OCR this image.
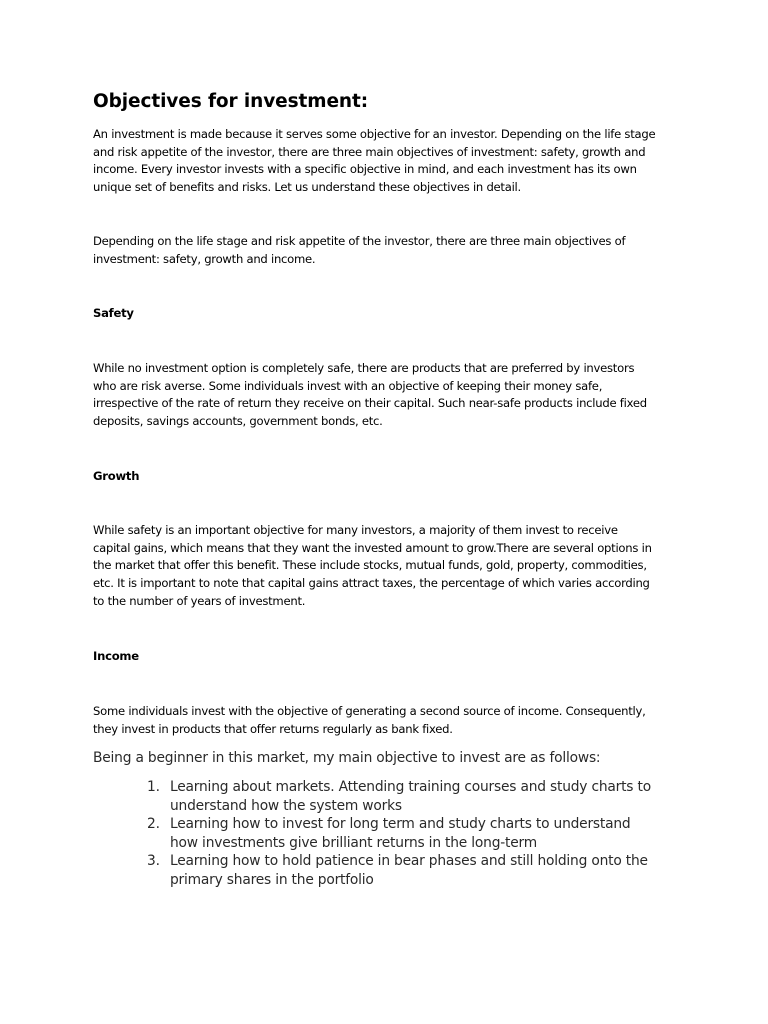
Objectives for investment:

An investment is made because it serves some objective for an investor. Depending on the life stage
and risk appetite of the investor, there are three main objectives of investment: safety, growth and
income. Every investor invests with a specific objective in mind, and each investment has its own
unique set of benefits and risks. Let us understand these objectives in detail.

Depending on the life stage and risk appetite of the investor, there are three main objectives of
investment: safety, growth and income.

Safety

While no investment option is completely safe, there are products that are preferred by investors
who are risk averse. Some individuals invest with an objective of keeping their money safe,
irrespective of the rate of return they receive on their capital. Such near-safe products include fixed
deposits, savings accounts, government bonds, etc.

Growth

While safety is an important objective for many investors, a majority of them invest to receive
capital gains, which means that they want the invested amount to grow.There are several options in
the market that offer this benefit. These include stocks, mutual funds, gold, property, commodities,
etc. It is important to note that capital gains attract taxes, the percentage of which varies according
to the number of years of investment.

Income

Some individuals invest with the objective of generating a second source of income. Consequently,
they invest in products that offer returns regularly as bank fixed.

Being a beginner in this market, my main objective to invest are as follows:

1. Learning about markets. Attending training courses and study charts to
understand how the system works
2. Learning how to invest for long term and study charts to understand
how investments give brilliant returns in the long-term
3. Learning how to hold patience in bear phases and still holding onto the
primary shares in the portfolio
